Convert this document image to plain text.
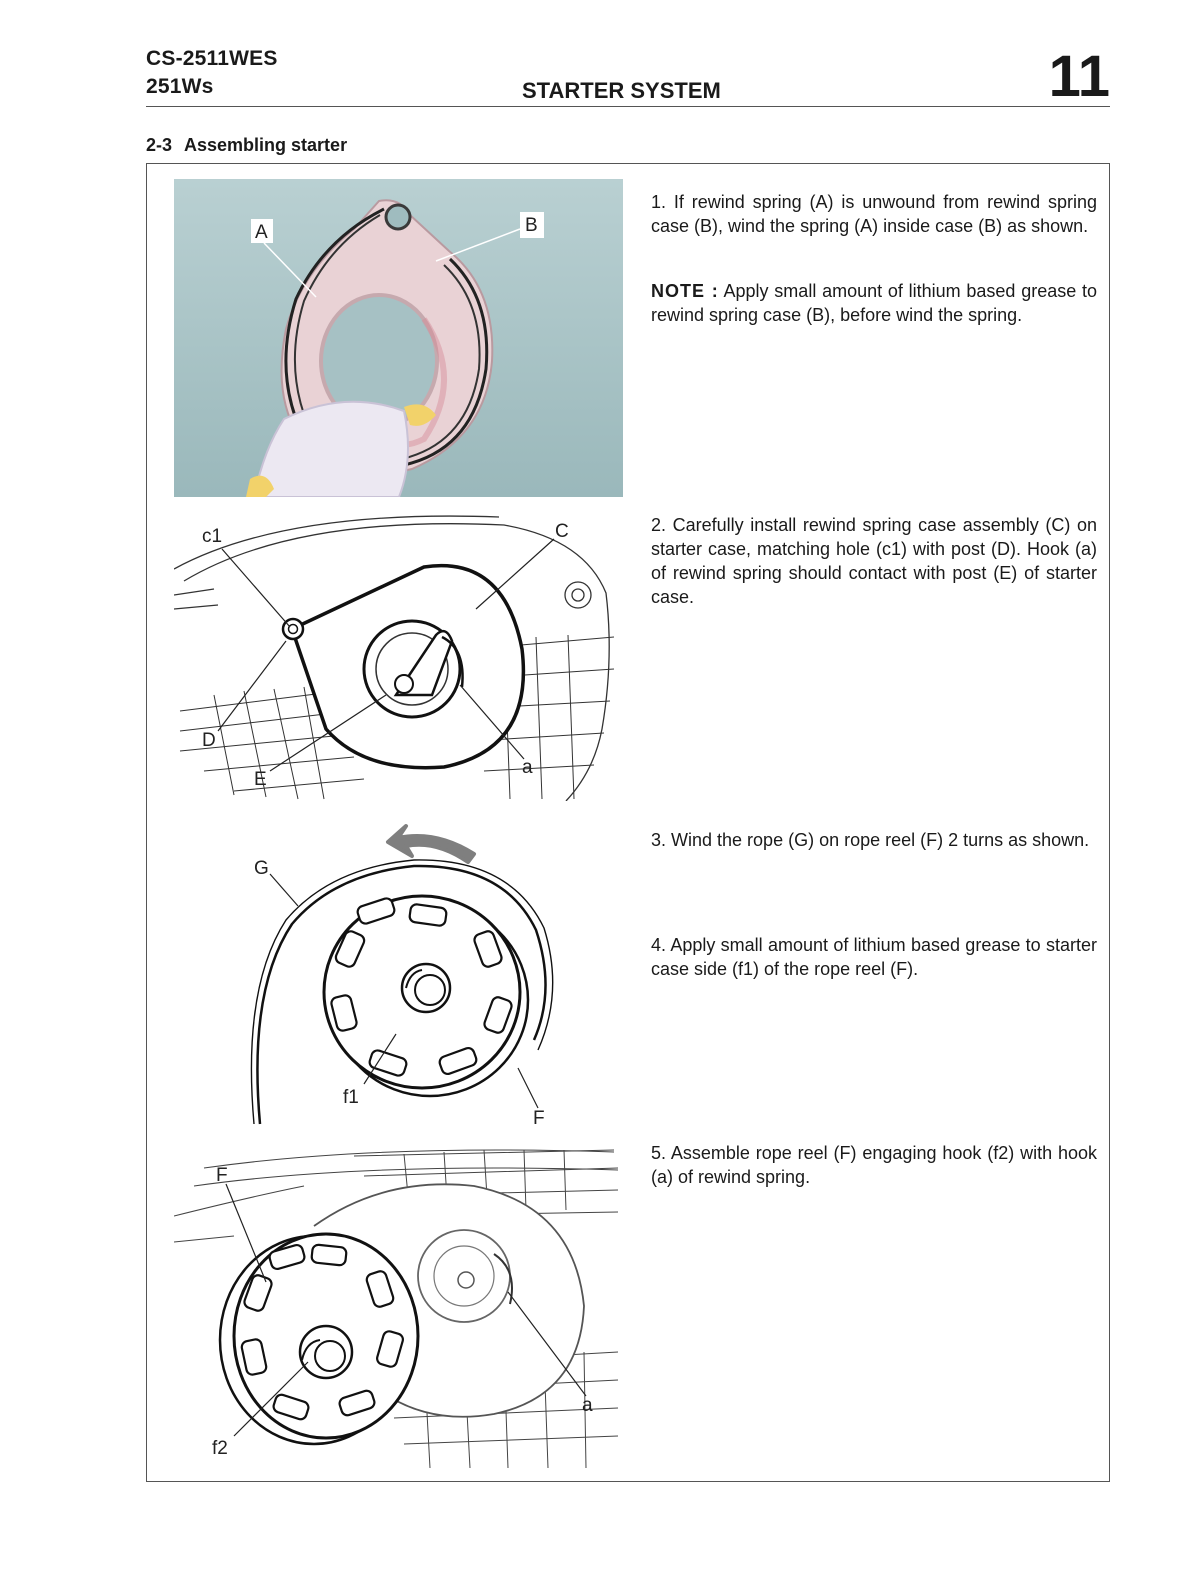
CS-2511WES
251Ws	STARTER SYSTEM	11
2-3 Assembling starter
A	B
c1	C
D
E
a
G
f1
F
F
a
f2
1. If rewind spring (A) is unwound from rewind spring case (B), wind the spring (A) inside case (B) as shown.
NOTE : Apply small amount of lithium based grease to rewind spring case (B), before wind the spring.
2. Carefully install rewind spring case assembly (C) on starter case, matching hole (c1) with post (D). Hook (a) of rewind spring should contact with post (E) of starter case.
3. Wind the rope (G) on rope reel (F) 2 turns as shown.
4. Apply small amount of lithium based grease to starter case side (f1) of the rope reel (F).
5. Assemble rope reel (F) engaging hook (f2) with hook (a) of rewind spring.
